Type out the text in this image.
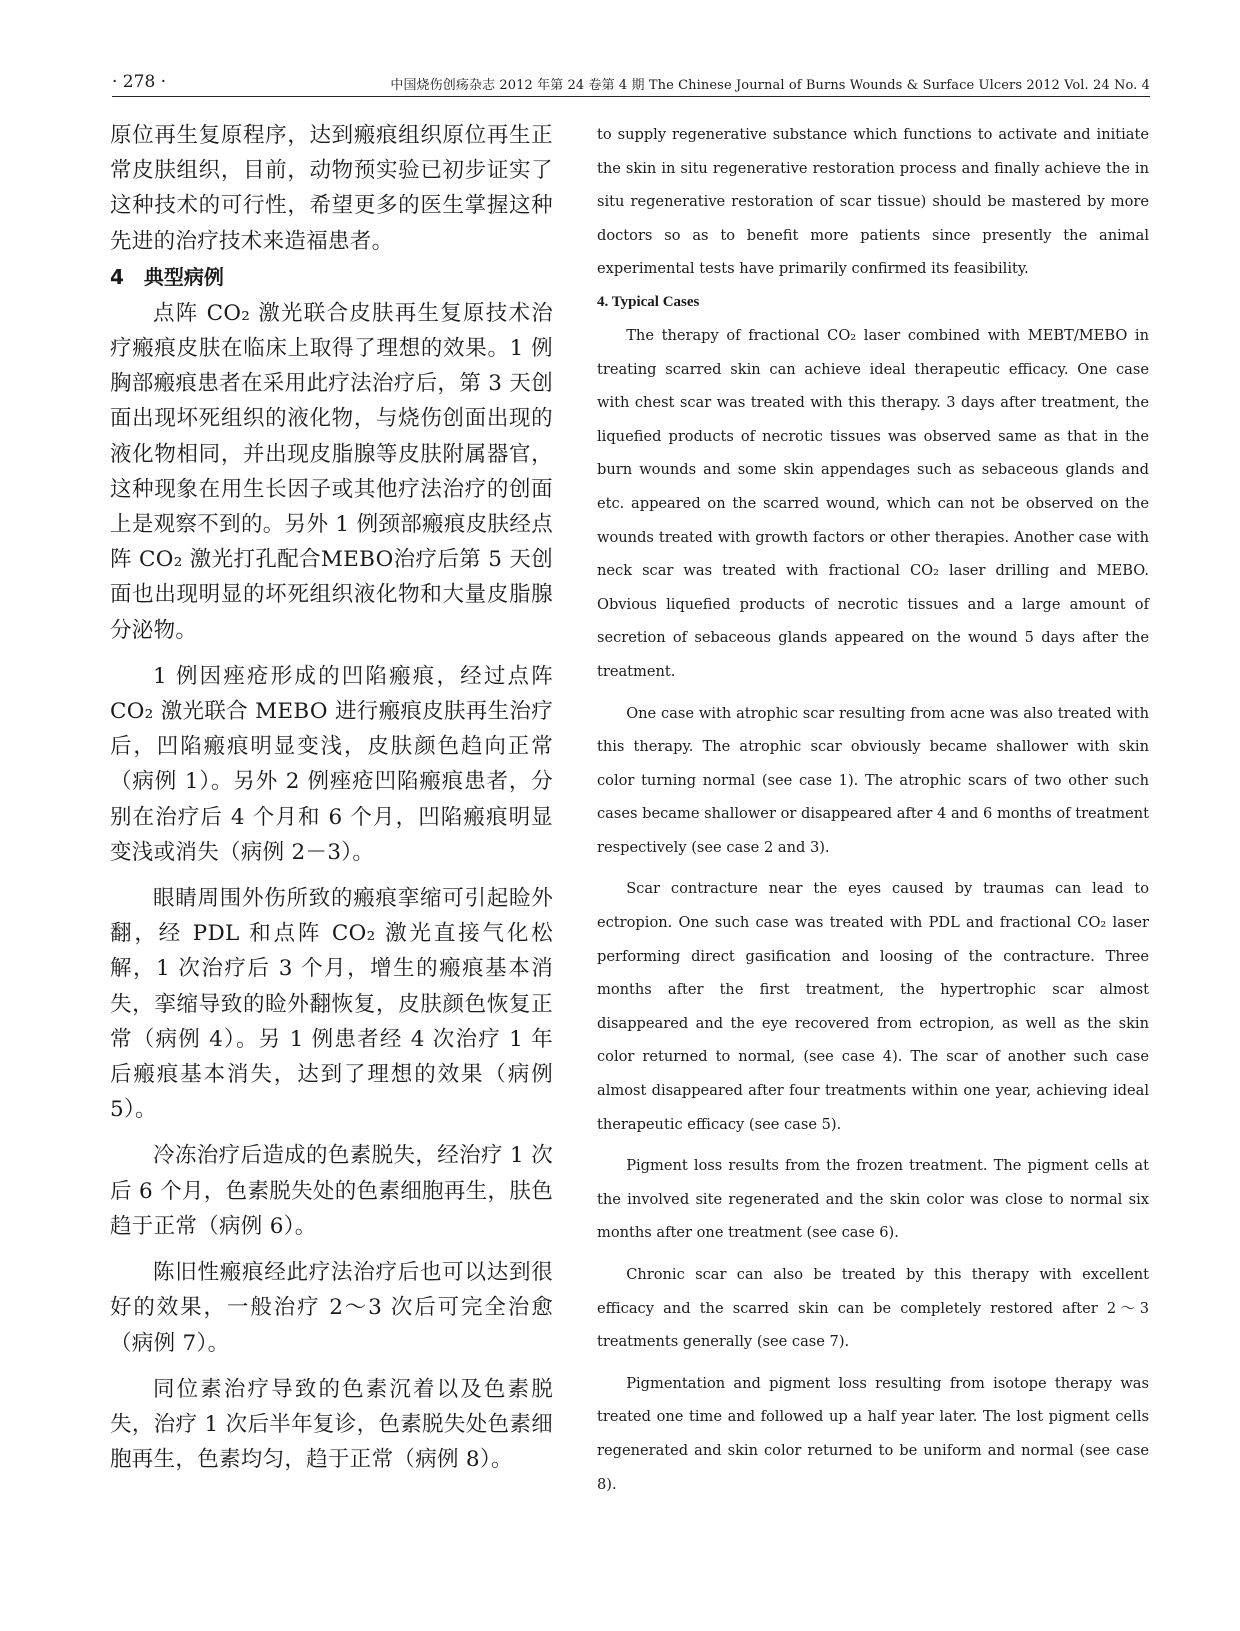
· 278 ·	中国烧伤创疡杂志 2012 年第 24 卷第 4 期 The Chinese Journal of Burns Wounds & Surface Ulcers 2012 Vol. 24 No. 4

原位再生复原程序，达到瘢痕组织原位再生正常皮肤组织，目前，动物预实验已初步证实了这种技术的可行性，希望更多的医生掌握这种先进的治疗技术来造福患者。

4　典型病例

点阵 CO₂ 激光联合皮肤再生复原技术治疗瘢痕皮肤在临床上取得了理想的效果。1 例胸部瘢痕患者在采用此疗法治疗后，第 3 天创面出现坏死组织的液化物，与烧伤创面出现的液化物相同，并出现皮脂腺等皮肤附属器官，这种现象在用生长因子或其他疗法治疗的创面上是观察不到的。另外 1 例颈部瘢痕皮肤经点阵 CO₂ 激光打孔配合MEBO治疗后第 5 天创面也出现明显的坏死组织液化物和大量皮脂腺分泌物。

1 例因痤疮形成的凹陷瘢痕，经过点阵 CO₂ 激光联合 MEBO 进行瘢痕皮肤再生治疗后，凹陷瘢痕明显变浅，皮肤颜色趋向正常（病例 1）。另外 2 例痤疮凹陷瘢痕患者，分别在治疗后 4 个月和 6 个月，凹陷瘢痕明显变浅或消失（病例 2－3）。

眼睛周围外伤所致的瘢痕挛缩可引起睑外翻，经 PDL 和点阵 CO₂ 激光直接气化松解，1 次治疗后 3 个月，增生的瘢痕基本消失，挛缩导致的睑外翻恢复，皮肤颜色恢复正常（病例 4）。另 1 例患者经 4 次治疗 1 年后瘢痕基本消失，达到了理想的效果（病例 5）。

冷冻治疗后造成的色素脱失，经治疗 1 次后 6 个月，色素脱失处的色素细胞再生，肤色趋于正常（病例 6）。

陈旧性瘢痕经此疗法治疗后也可以达到很好的效果，一般治疗 2～3 次后可完全治愈（病例 7）。

同位素治疗导致的色素沉着以及色素脱失，治疗 1 次后半年复诊，色素脱失处色素细胞再生，色素均匀，趋于正常（病例 8）。

to supply regenerative substance which functions to activate and initiate the skin in situ regenerative restoration process and finally achieve the in situ regenerative restoration of scar tissue) should be mastered by more doctors so as to benefit more patients since presently the animal experimental tests have primarily confirmed its feasibility.

4. Typical Cases

The therapy of fractional CO₂ laser combined with MEBT/MEBO in treating scarred skin can achieve ideal therapeutic efficacy. One case with chest scar was treated with this therapy. 3 days after treatment, the liquefied products of necrotic tissues was observed same as that in the burn wounds and some skin appendages such as sebaceous glands and etc. appeared on the scarred wound, which can not be observed on the wounds treated with growth factors or other therapies. Another case with neck scar was treated with fractional CO₂ laser drilling and MEBO. Obvious liquefied products of necrotic tissues and a large amount of secretion of sebaceous glands appeared on the wound 5 days after the treatment.

One case with atrophic scar resulting from acne was also treated with this therapy. The atrophic scar obviously became shallower with skin color turning normal (see case 1). The atrophic scars of two other such cases became shallower or disappeared after 4 and 6 months of treatment respectively (see case 2 and 3).

Scar contracture near the eyes caused by traumas can lead to ectropion. One such case was treated with PDL and fractional CO₂ laser performing direct gasification and loosing of the contracture. Three months after the first treatment, the hypertrophic scar almost disappeared and the eye recovered from ectropion, as well as the skin color returned to normal, (see case 4). The scar of another such case almost disappeared after four treatments within one year, achieving ideal therapeutic efficacy (see case 5).

Pigment loss results from the frozen treatment. The pigment cells at the involved site regenerated and the skin color was close to normal six months after one treatment (see case 6).

Chronic scar can also be treated by this therapy with excellent efficacy and the scarred skin can be completely restored after 2～3 treatments generally (see case 7).

Pigmentation and pigment loss resulting from isotope therapy was treated one time and followed up a half year later. The lost pigment cells regenerated and skin color returned to be uniform and normal (see case 8).
